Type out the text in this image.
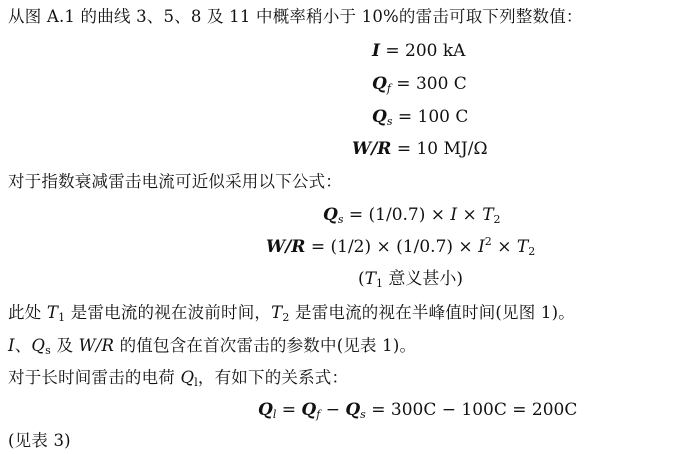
从图 A.1 的曲线 3、5、8 及 11 中概率稍小于 10%的雷击可取下列整数值：
I = 200 kA
$Q_f = 300$ C
$Q_s = 100$ C
W/R = 10 MJ/Ω
对于指数衰减雷击电流可近似采用以下公式：
$Q_s = (1/0.7) \times I \times T_2$
$W/R = (1/2) \times (1/0.7) \times I^2 \times T_2$
($T_1$ 意义甚小)
此处 $T_1$ 是雷电流的视在波前时间，$T_2$ 是雷电流的视在半峰值时间(见图 1)。
I、$Q_s$ 及 W/R 的值包含在首次雷击的参数中(见表 1)。
对于长时间雷击的电荷 $Q_l$，有如下的关系式：
$Q_l = Q_f - Q_s = 300C - 100C = 200C$
(见表 3)
